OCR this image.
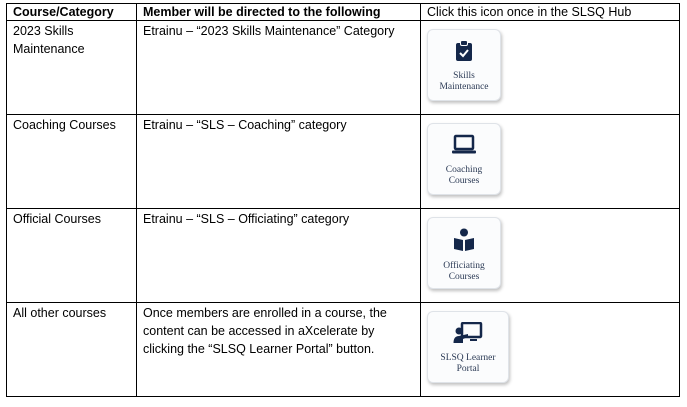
Course/Category	Member will be directed to the following	Click this icon once in the SLSQ Hub
2023 Skills Maintenance	Etrainu – “2023 Skills Maintenance” Category	Skills
Maintenance

Coaching Courses	Etrainu – “SLS – Coaching” category	Coaching
Courses

Official Courses	Etrainu – “SLS – Officiating” category	Officiating
Courses

All other courses	Once members are enrolled in a course, the content can be accessed in aXcelerate by clicking the “SLSQ Learner Portal” button.	SLSQ Learner
Portal
